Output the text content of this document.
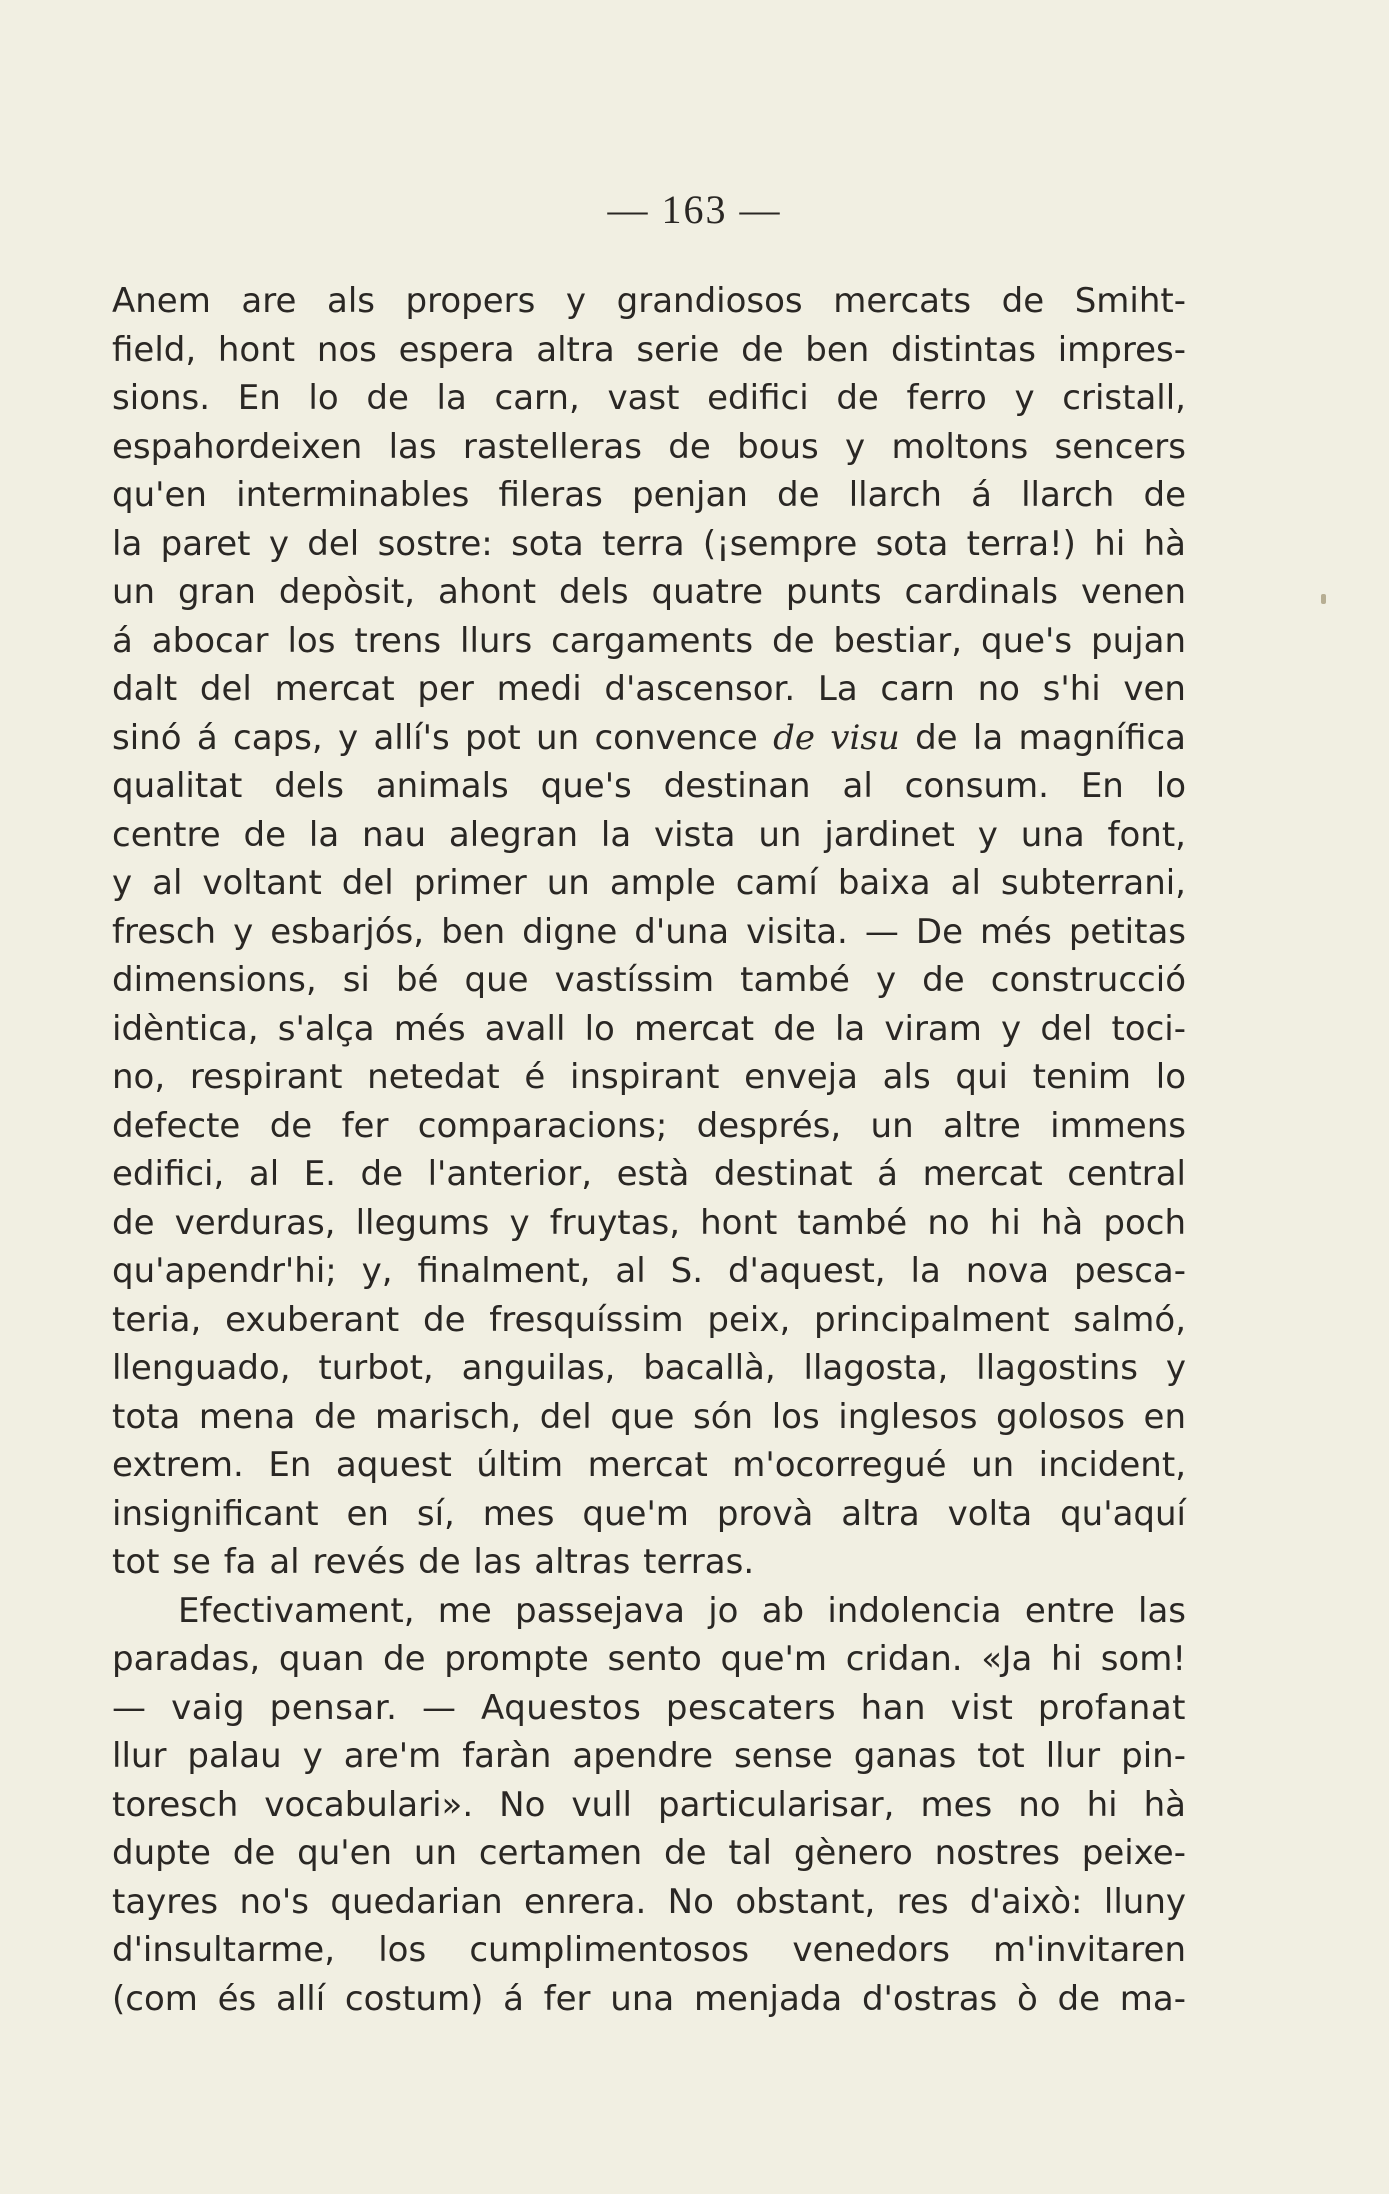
— 163 —
Anem are als propers y grandiosos mercats de Smiht-
field, hont nos espera altra serie de ben distintas impres-
sions. En lo de la carn, vast edifici de ferro y cristall,
espahordeixen las rastelleras de bous y moltons sencers
qu'en interminables fileras penjan de llarch á llarch de
la paret y del sostre: sota terra (¡sempre sota terra!) hi hà
un gran depòsit, ahont dels quatre punts cardinals venen
á abocar los trens llurs cargaments de bestiar, que's pujan
dalt del mercat per medi d'ascensor. La carn no s'hi ven
sinó á caps, y allí's pot un convence de visu de la magnífica
qualitat dels animals que's destinan al consum. En lo
centre de la nau alegran la vista un jardinet y una font,
y al voltant del primer un ample camí baixa al subterrani,
fresch y esbarjós, ben digne d'una visita. — De més petitas
dimensions, si bé que vastíssim també y de construcció
idèntica, s'alça més avall lo mercat de la viram y del toci-
no, respirant netedat é inspirant enveja als qui tenim lo
defecte de fer comparacions; després, un altre immens
edifici, al E. de l'anterior, està destinat á mercat central
de verduras, llegums y fruytas, hont també no hi hà poch
qu'apendr'hi; y, finalment, al S. d'aquest, la nova pesca-
teria, exuberant de fresquíssim peix, principalment salmó,
llenguado, turbot, anguilas, bacallà, llagosta, llagostins y
tota mena de marisch, del que són los inglesos golosos en
extrem. En aquest últim mercat m'ocorregué un incident,
insignificant en sí, mes que'm provà altra volta qu'aquí
tot se fa al revés de las altras terras.
Efectivament, me passejava jo ab indolencia entre las
paradas, quan de prompte sento que'm cridan. «Ja hi som!
— vaig pensar. — Aquestos pescaters han vist profanat
llur palau y are'm faràn apendre sense ganas tot llur pin-
toresch vocabulari». No vull particularisar, mes no hi hà
dupte de qu'en un certamen de tal gènero nostres peixe-
tayres no's quedarian enrera. No obstant, res d'això: lluny
d'insultarme, los cumplimentosos venedors m'invitaren
(com és allí costum) á fer una menjada d'ostras ò de ma-
